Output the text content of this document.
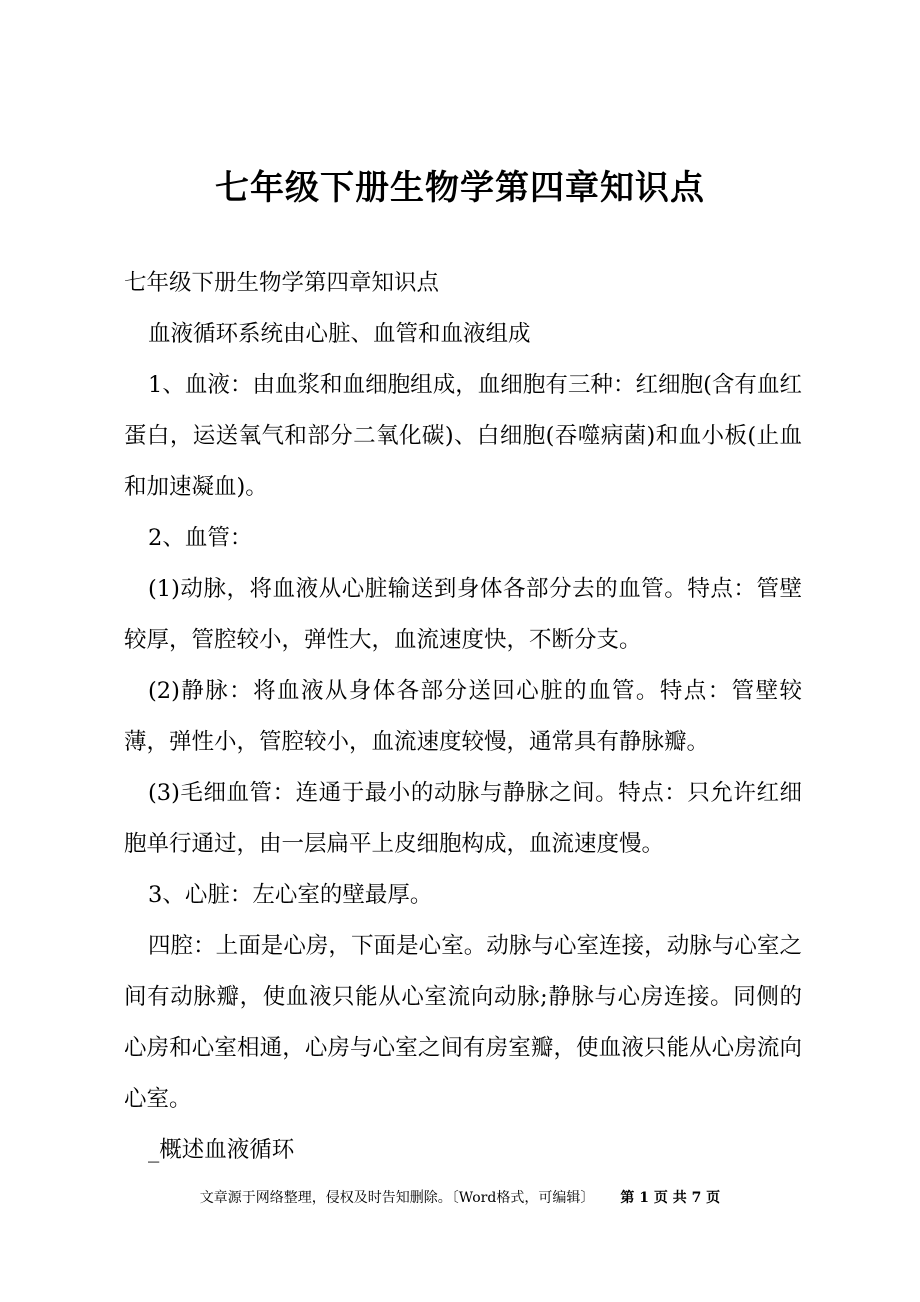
七年级下册生物学第四章知识点

七年级下册生物学第四章知识点

血液循环系统由心脏、血管和血液组成

1、血液：由血浆和血细胞组成，血细胞有三种：红细胞(含有血红蛋白，运送氧气和部分二氧化碳)、白细胞(吞噬病菌)和血小板(止血和加速凝血)。

2、血管：

(1)动脉，将血液从心脏输送到身体各部分去的血管。特点：管壁较厚，管腔较小，弹性大，血流速度快，不断分支。

(2)静脉：将血液从身体各部分送回心脏的血管。特点：管壁较薄，弹性小，管腔较小，血流速度较慢，通常具有静脉瓣。

(3)毛细血管：连通于最小的动脉与静脉之间。特点：只允许红细胞单行通过，由一层扁平上皮细胞构成，血流速度慢。

3、心脏：左心室的壁最厚。

四腔：上面是心房，下面是心室。动脉与心室连接，动脉与心室之间有动脉瓣，使血液只能从心室流向动脉;静脉与心房连接。同侧的心房和心室相通，心房与心室之间有房室瓣，使血液只能从心房流向心室。

_概述血液循环

文章源于网络整理，侵权及时告知删除。〔Word格式，可编辑〕 第 1 页 共 7 页
